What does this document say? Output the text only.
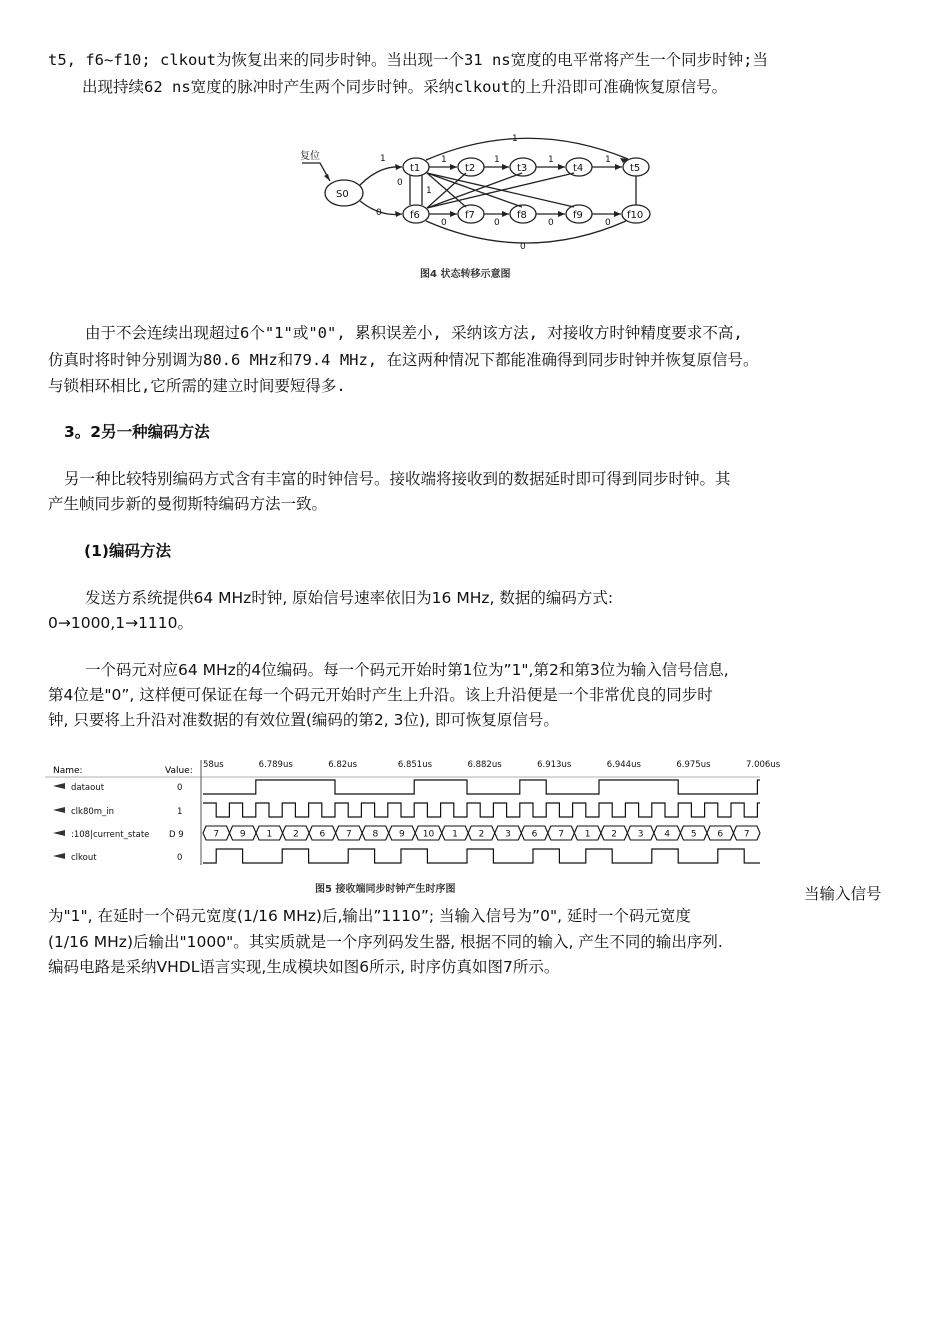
t5, f6~f10; clkout为恢复出来的同步时钟。当出现一个31 ns宽度的电平常将产生一个同步时钟;当
出现持续62 ns宽度的脉冲时产生两个同步时钟。采纳clkout的上升沿即可准确恢复原信号。
复位
S0
t1	t2	t3	t4	t5
f6	f7	f8	f9	f10
1
0
1	1	1	1
1
0	0	0	0
0
0
1
图4 状态转移示意图
由于不会连续出现超过6个"1"或"0", 累积误差小, 采纳该方法, 对接收方时钟精度要求不高,
仿真时将时钟分别调为80.6 MHz和79.4 MHz, 在这两种情况下都能准确得到同步时钟并恢复原信号。
与锁相环相比,它所需的建立时间要短得多.
3。2另一种编码方法
另一种比较特别编码方式含有丰富的时钟信号。接收端将接收到的数据延时即可得到同步时钟。其
产生帧同步新的曼彻斯特编码方法一致。
(1)编码方法
发送方系统提供64 MHz时钟, 原始信号速率依旧为16 MHz, 数据的编码方式:
0→1000,1→1110。
一个码元对应64 MHz的4位编码。每一个码元开始时第1位为”1",第2和第3位为输入信号信息,
第4位是"0”, 这样便可保证在每一个码元开始时产生上升沿。该上升沿便是一个非常优良的同步时
钟, 只要将上升沿对准数据的有效位置(编码的第2, 3位), 即可恢复原信号。
Name:	Value:
58us	6.789us	6.82us	6.851us	6.882us	6.913us	6.944us	6.975us	7.006us
dataout	0
clk80m_in	1
:108|current_state D 9
clkout	0
7 9 1 2 6 7 8 9 10 1 2 3 6 7 1 2 3 4 5 6 7
图5 接收端同步时钟产生时序图	当输入信号
为"1", 在延时一个码元宽度(1/16 MHz)后,输出”1110”; 当输入信号为”0", 延时一个码元宽度
(1/16 MHz)后输出"1000"。其实质就是一个序列码发生器, 根据不同的输入, 产生不同的输出序列.
编码电路是采纳VHDL语言实现,生成模块如图6所示, 时序仿真如图7所示。
